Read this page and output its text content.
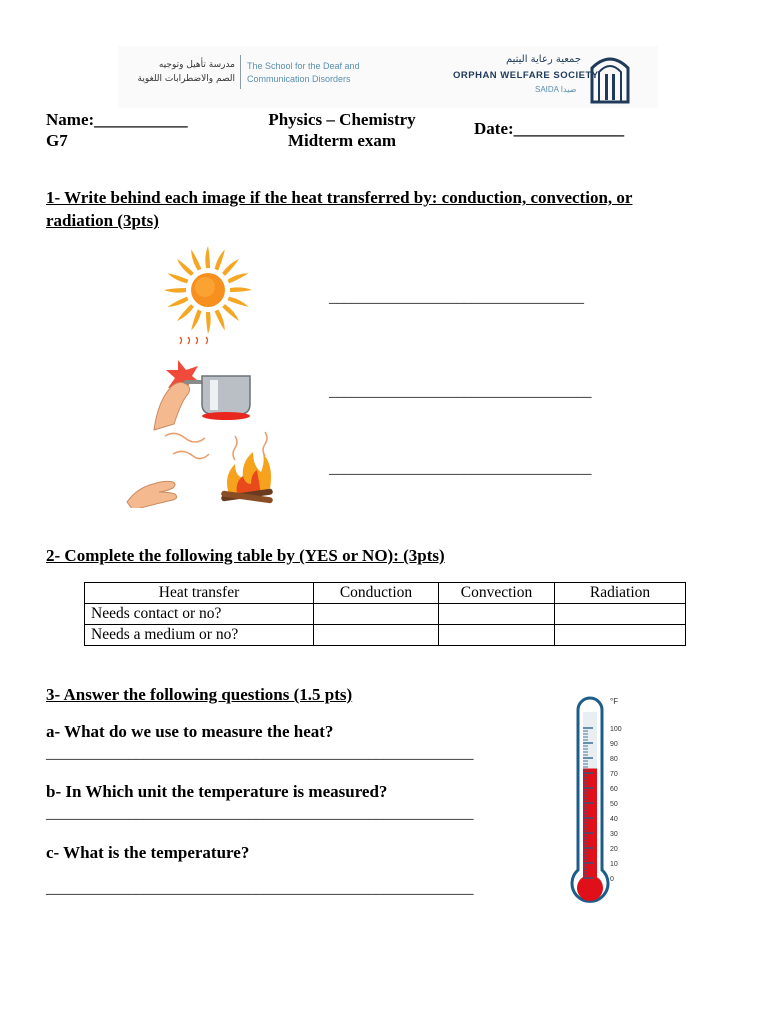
مدرسة تأهيل وتوجيه
الصم والاضطرابات اللغوية
The School for the Deaf and
Communication Disorders
جمعية رعاية اليتيم
ORPHAN WELFARE SOCIETY
SAIDA صيدا
Name:___________
G7
Physics – Chemistry
Midterm exam
Date:_____________
1- Write behind each image if the heat transferred by: conduction, convection, or
radiation (3pts)
__________________________________
___________________________________
___________________________________
2- Complete the following table by (YES or NO): (3pts)
Heat transfer	Conduction	Convection	Radiation
Needs contact or no?			
Needs a medium or no?			
3- Answer the following questions (1.5 pts)
a- What do we use to measure the heat?
_________________________________________________________
b- In Which unit the temperature is measured?
_________________________________________________________
c- What is the temperature?
_________________________________________________________
100
90
80
70
60
50
40
30
20
10
0
°F
